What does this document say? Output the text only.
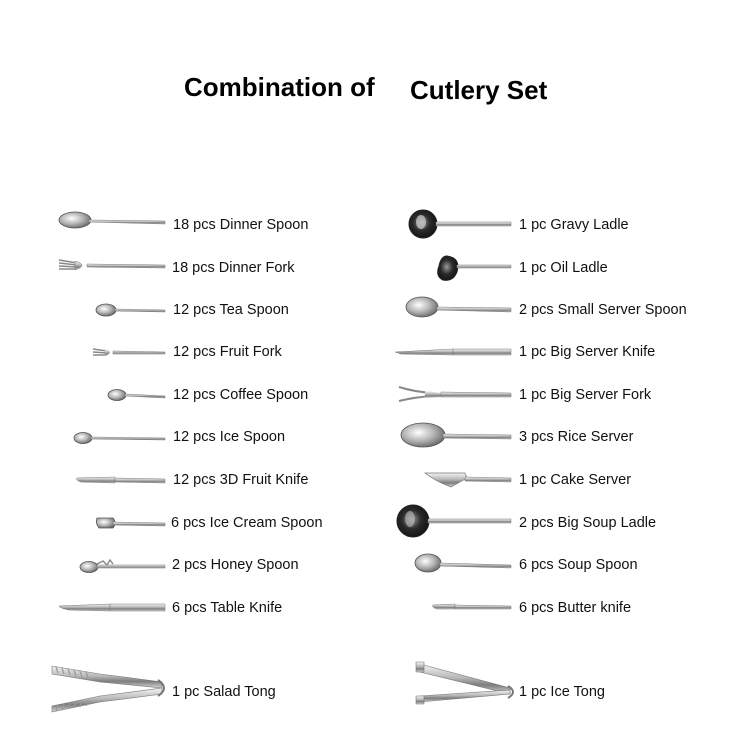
Combination of Cutlery Set
18 pcs Dinner Spoon
18 pcs Dinner Fork
12 pcs Tea Spoon
12 pcs Fruit Fork
12 pcs Coffee Spoon
12 pcs Ice Spoon
12 pcs 3D Fruit Knife
6 pcs Ice Cream Spoon
2 pcs Honey Spoon
6 pcs Table Knife
1 pc Salad Tong
1 pc Gravy Ladle
1 pc Oil Ladle
2 pcs Small Server Spoon
1 pc Big Server Knife
1 pc Big Server Fork
3 pcs Rice Server
1 pc Cake Server
2 pcs Big Soup Ladle
6 pcs Soup Spoon
6 pcs Butter knife
1 pc Ice Tong
